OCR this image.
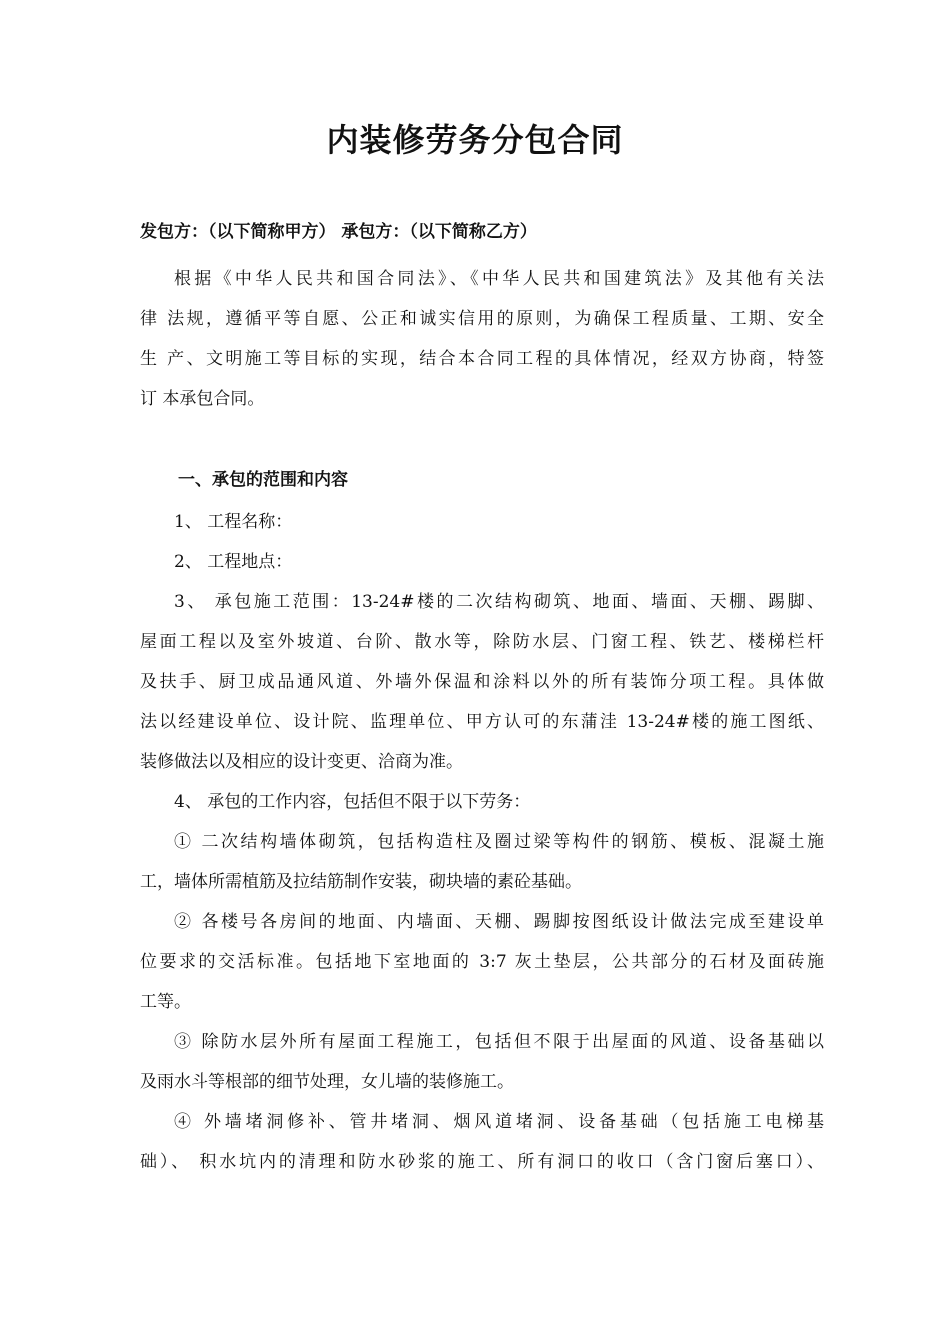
内装修劳务分包合同
发包方：（以下简称甲方） 承包方：（以下简称乙方）
根据《中华人民共和国合同法》、《中华人民共和国建筑法》及其他有关法
律 法规，遵循平等自愿、公正和诚实信用的原则，为确保工程质量、工期、安全
生 产、文明施工等目标的实现，结合本合同工程的具体情况，经双方协商，特签
订 本承包合同。
一、承包的范围和内容
1、 工程名称：
2、 工程地点：
3、 承包施工范围：13-24#楼的二次结构砌筑、地面、墙面、天棚、踢脚、
屋面工程以及室外坡道、台阶、散水等，除防水层、门窗工程、铁艺、楼梯栏杆
及扶手、厨卫成品通风道、外墙外保温和涂料以外的所有装饰分项工程。具体做
法以经建设单位、设计院、监理单位、甲方认可的东蒲洼 13-24#楼的施工图纸、
装修做法以及相应的设计变更、洽商为准。
4、 承包的工作内容，包括但不限于以下劳务：
① 二次结构墙体砌筑，包括构造柱及圈过梁等构件的钢筋、模板、混凝土施
工，墙体所需植筋及拉结筋制作安装，砌块墙的素砼基础。
② 各楼号各房间的地面、内墙面、天棚、踢脚按图纸设计做法完成至建设单
位要求的交活标准。包括地下室地面的 3:7 灰土垫层，公共部分的石材及面砖施
工等。
③ 除防水层外所有屋面工程施工，包括但不限于出屋面的风道、设备基础以
及雨水斗等根部的细节处理，女儿墙的装修施工。
④ 外墙堵洞修补、管井堵洞、烟风道堵洞、设备基础（包括施工电梯基
础）、 积水坑内的清理和防水砂浆的施工、所有洞口的收口（含门窗后塞口）、
